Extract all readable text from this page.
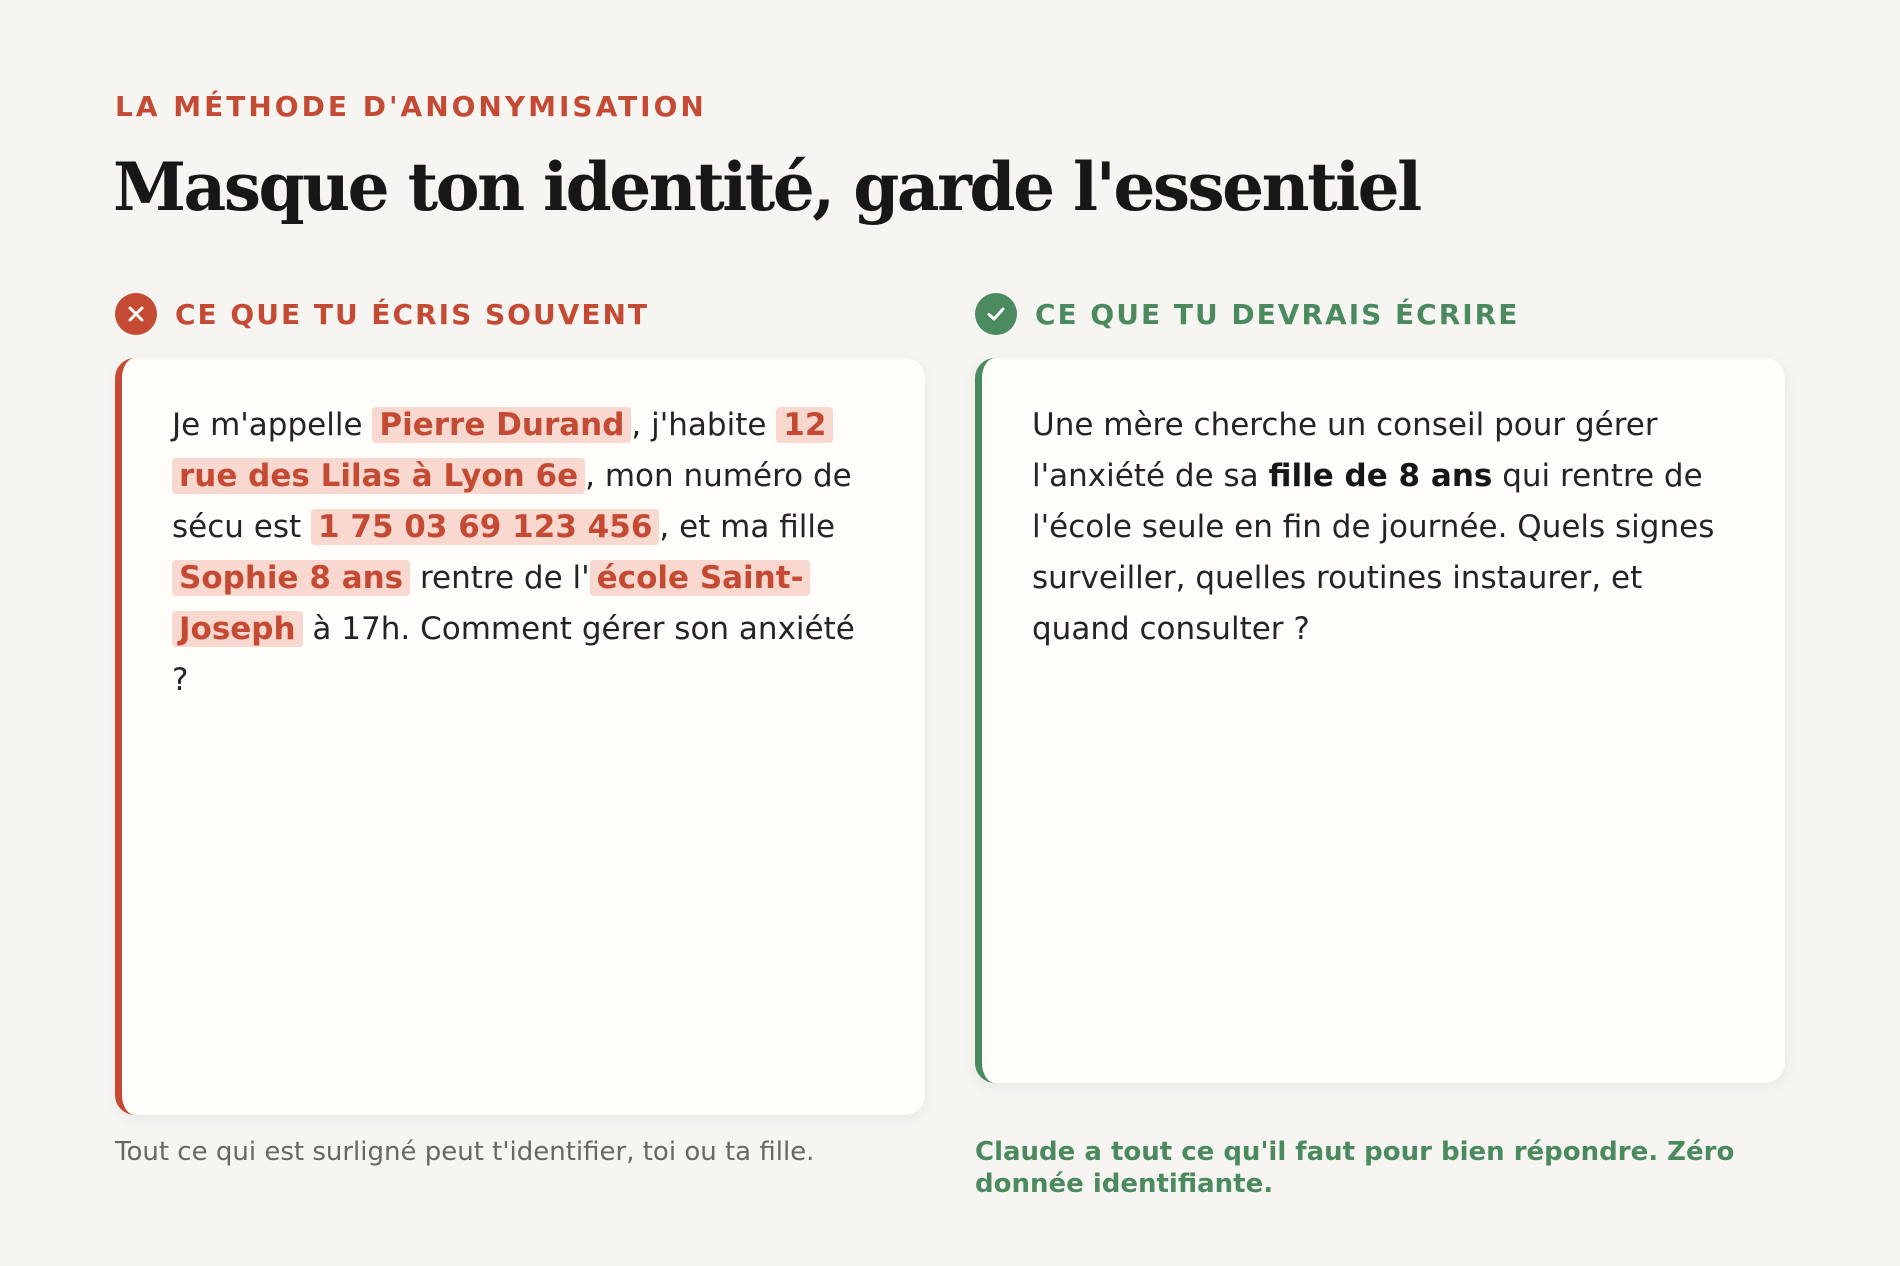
LA MÉTHODE D'ANONYMISATION
Masque ton identité, garde l'essentiel
CE QUE TU ÉCRIS SOUVENT	CE QUE TU DEVRAIS ÉCRIRE
Je m'appelle Pierre Durand , j'habite 12 rue des Lilas à Lyon 6e , mon numéro de sécu est 1 75 03 69 123 456 , et ma fille Sophie 8 ans rentre de l' école Saint-Joseph à 17h. Comment gérer son anxiété ?
Une mère cherche un conseil pour gérer l'anxiété de sa fille de 8 ans qui rentre de l'école seule en fin de journée. Quels signes surveiller, quelles routines instaurer, et quand consulter ?
Tout ce qui est surligné peut t'identifier, toi ou ta fille.	Claude a tout ce qu'il faut pour bien répondre. Zéro donnée identifiante.
